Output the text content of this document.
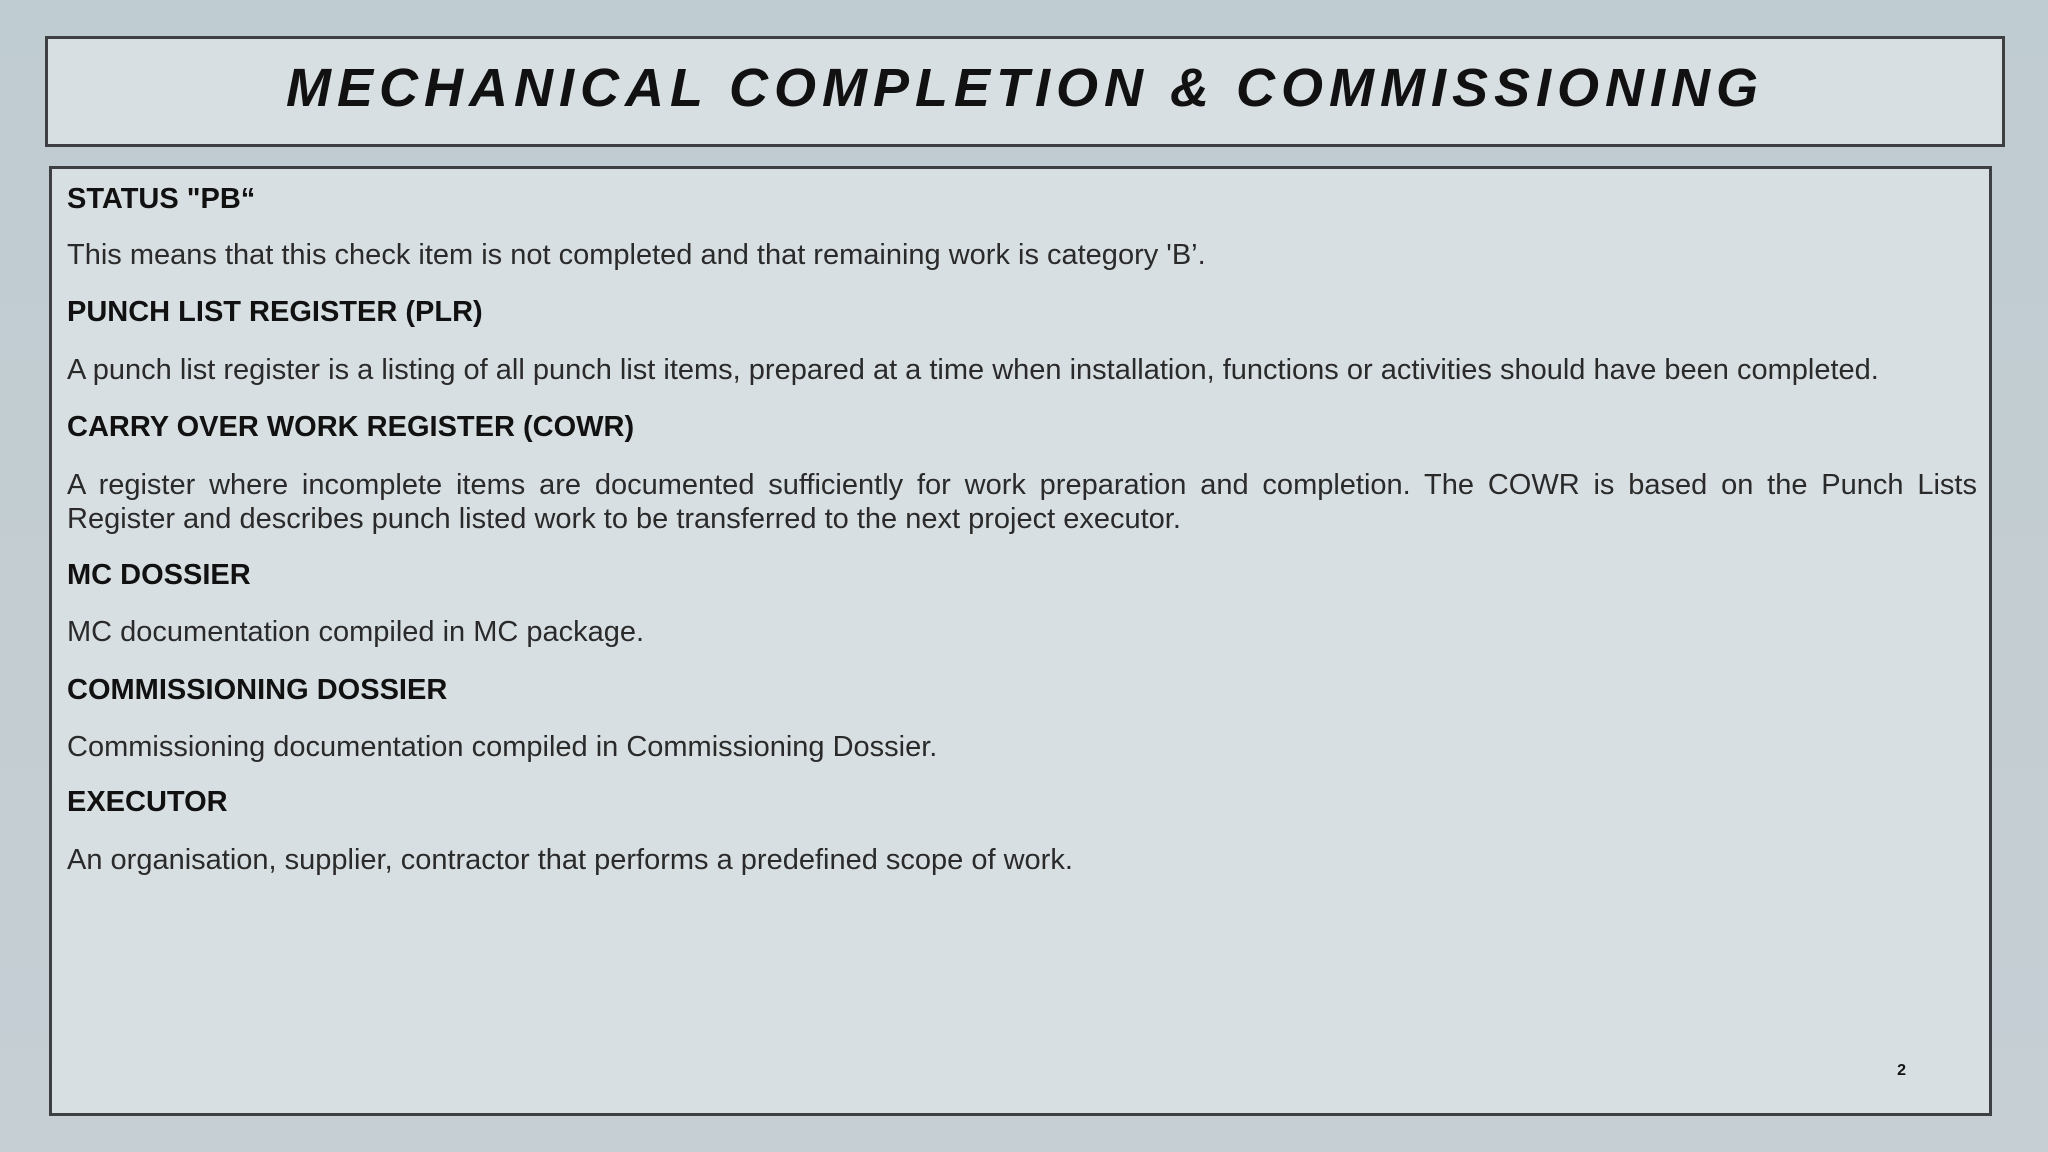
MECHANICAL COMPLETION & COMMISSIONING
STATUS "PB“
This means that this check item is not completed and that remaining work is category 'B’.
PUNCH LIST REGISTER (PLR)
A punch list register is a listing of all punch list items, prepared at a time when installation, functions or activities should have been completed.
CARRY OVER WORK REGISTER (COWR)
A register where incomplete items are documented sufficiently for work preparation and completion. The COWR is based on the Punch Lists Register and describes punch listed work to be transferred to the next project executor.
MC DOSSIER
MC documentation compiled in MC package.
COMMISSIONING DOSSIER
Commissioning documentation compiled in Commissioning Dossier.
EXECUTOR
An organisation, supplier, contractor that performs a predefined scope of work.
2
